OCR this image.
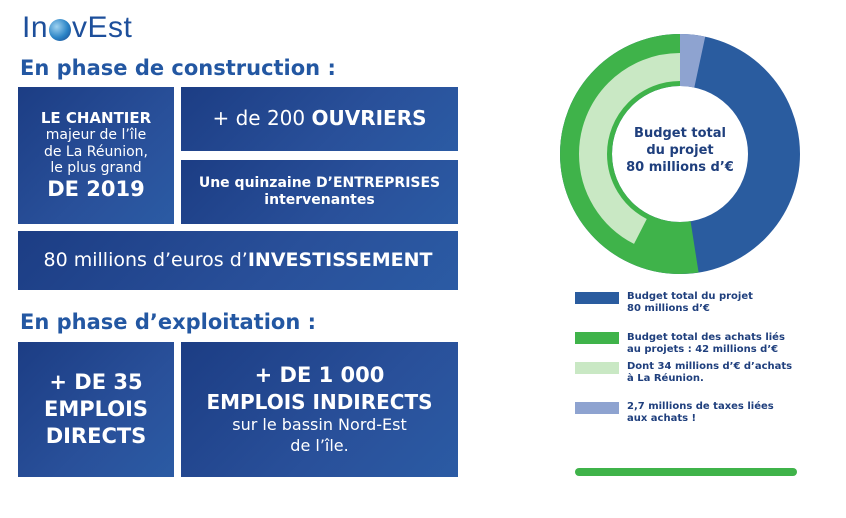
In vEst
En phase de construction :
LE CHANTIER
majeur de l’île
de La Réunion,
le plus grand
DE 2019
+ de 200 OUVRIERS
Une quinzaine D’ENTREPRISES
intervenantes
80 millions d’euros d’INVESTISSEMENT
En phase d’exploitation :
+ DE 35
EMPLOIS
DIRECTS
+ DE 1 000
EMPLOIS INDIRECTS
sur le bassin Nord-Est
de l’île.
Budget total
du projet
80 millions d’€
Budget total du projet
80 millions d’€
Budget total des achats liés
au projets : 42 millions d’€
Dont 34 millions d’€ d’achats
à La Réunion.
2,7 millions de taxes liées
aux achats !
